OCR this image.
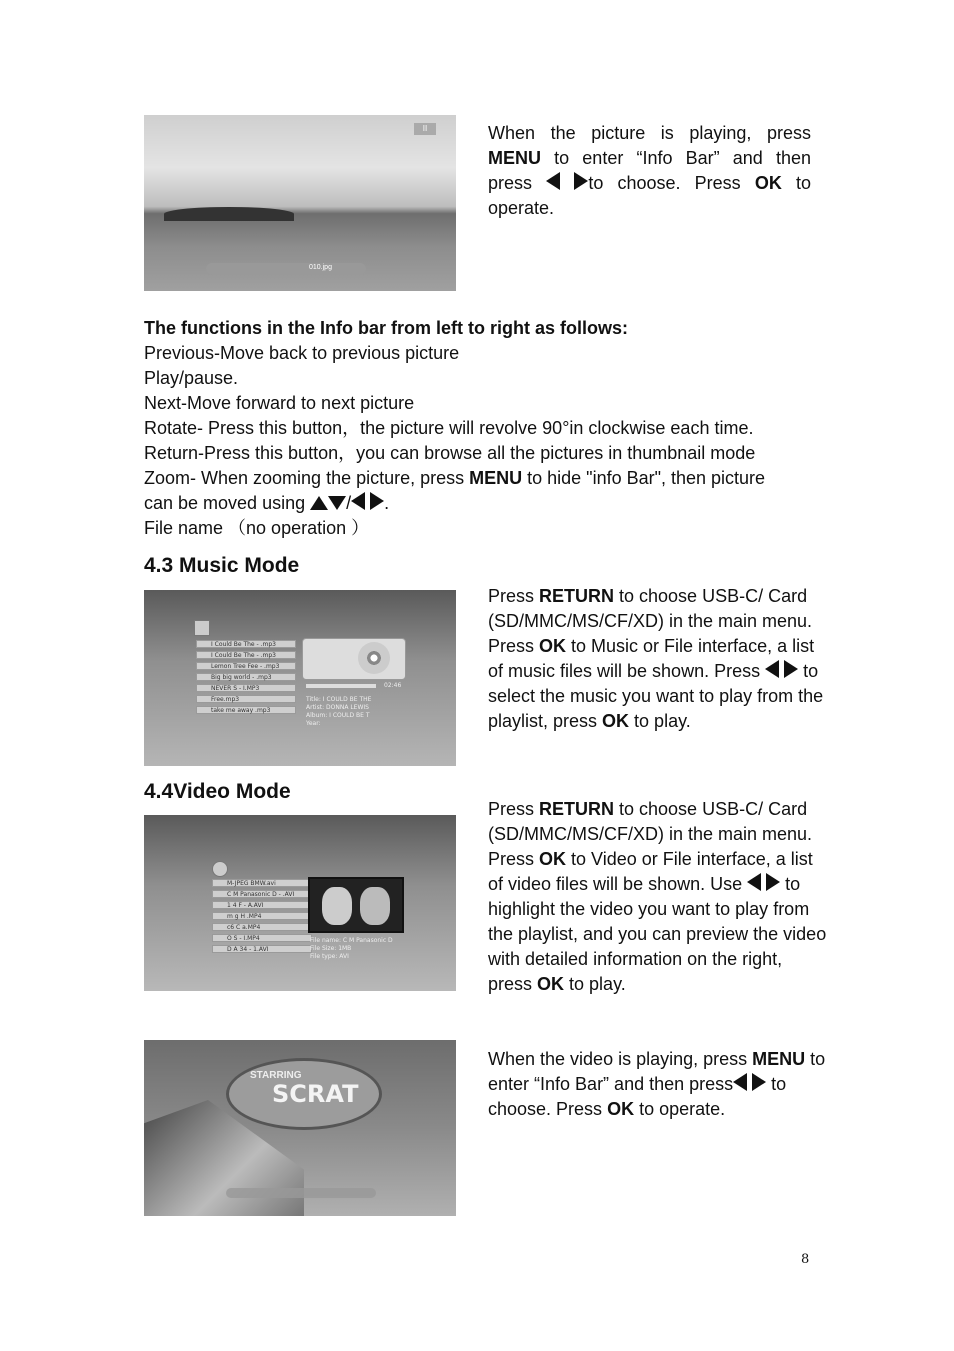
II
010.jpg

When the picture is playing, press MENU to enter “Info Bar” and then press  to choose. Press OK to operate.

The functions in the Info bar from left to right as follows:
Previous-Move back to previous picture
Play/pause.
Next-Move forward to next picture
Rotate- Press this button，the picture will revolve 90°in clockwise each time.
Return-Press this button，you can browse all the pictures in thumbnail mode
Zoom- When zooming the picture, press MENU to hide "info Bar", then picture
can be moved using / .
File name （no operation ）
4.3 Music Mode
I Could Be The - .mp3
I Could Be The - .mp3
Lemon Tree Fee - .mp3
Big big world - .mp3
NEVER S - I.MP3
Free.mp3
take me away .mp3
02:46
Title: I COULD BE THE
Artist: DONNA LEWIS
Album: I COULD BE T
Year:

Press RETURN to choose USB-C/ Card (SD/MMC/MS/CF/XD) in the main menu. Press OK to Music or File interface, a list of music files will be shown. Press   to select the music you want to play from the playlist, press OK to play.

4.4Video Mode
M-JPEG BMW.avi
C M Panasonic D - .AVI
1 4 F - A.AVI
m g H .MP4
c6 C a.MP4
O S - I.MP4
D A 34 - 1.AVI
File name: C M Panasonic D
File Size: 1MB
File type: AVI

Press RETURN to choose USB-C/ Card (SD/MMC/MS/CF/XD) in the main menu. Press OK to Video or File interface, a list of video files will be shown. Use   to highlight the video you want to play from the playlist, and you can preview the video with detailed information on the right, press OK to play.

STARRING
SCRAT

When the video is playing, press MENU to enter “Info Bar” and then press  to choose. Press OK to operate.

8
